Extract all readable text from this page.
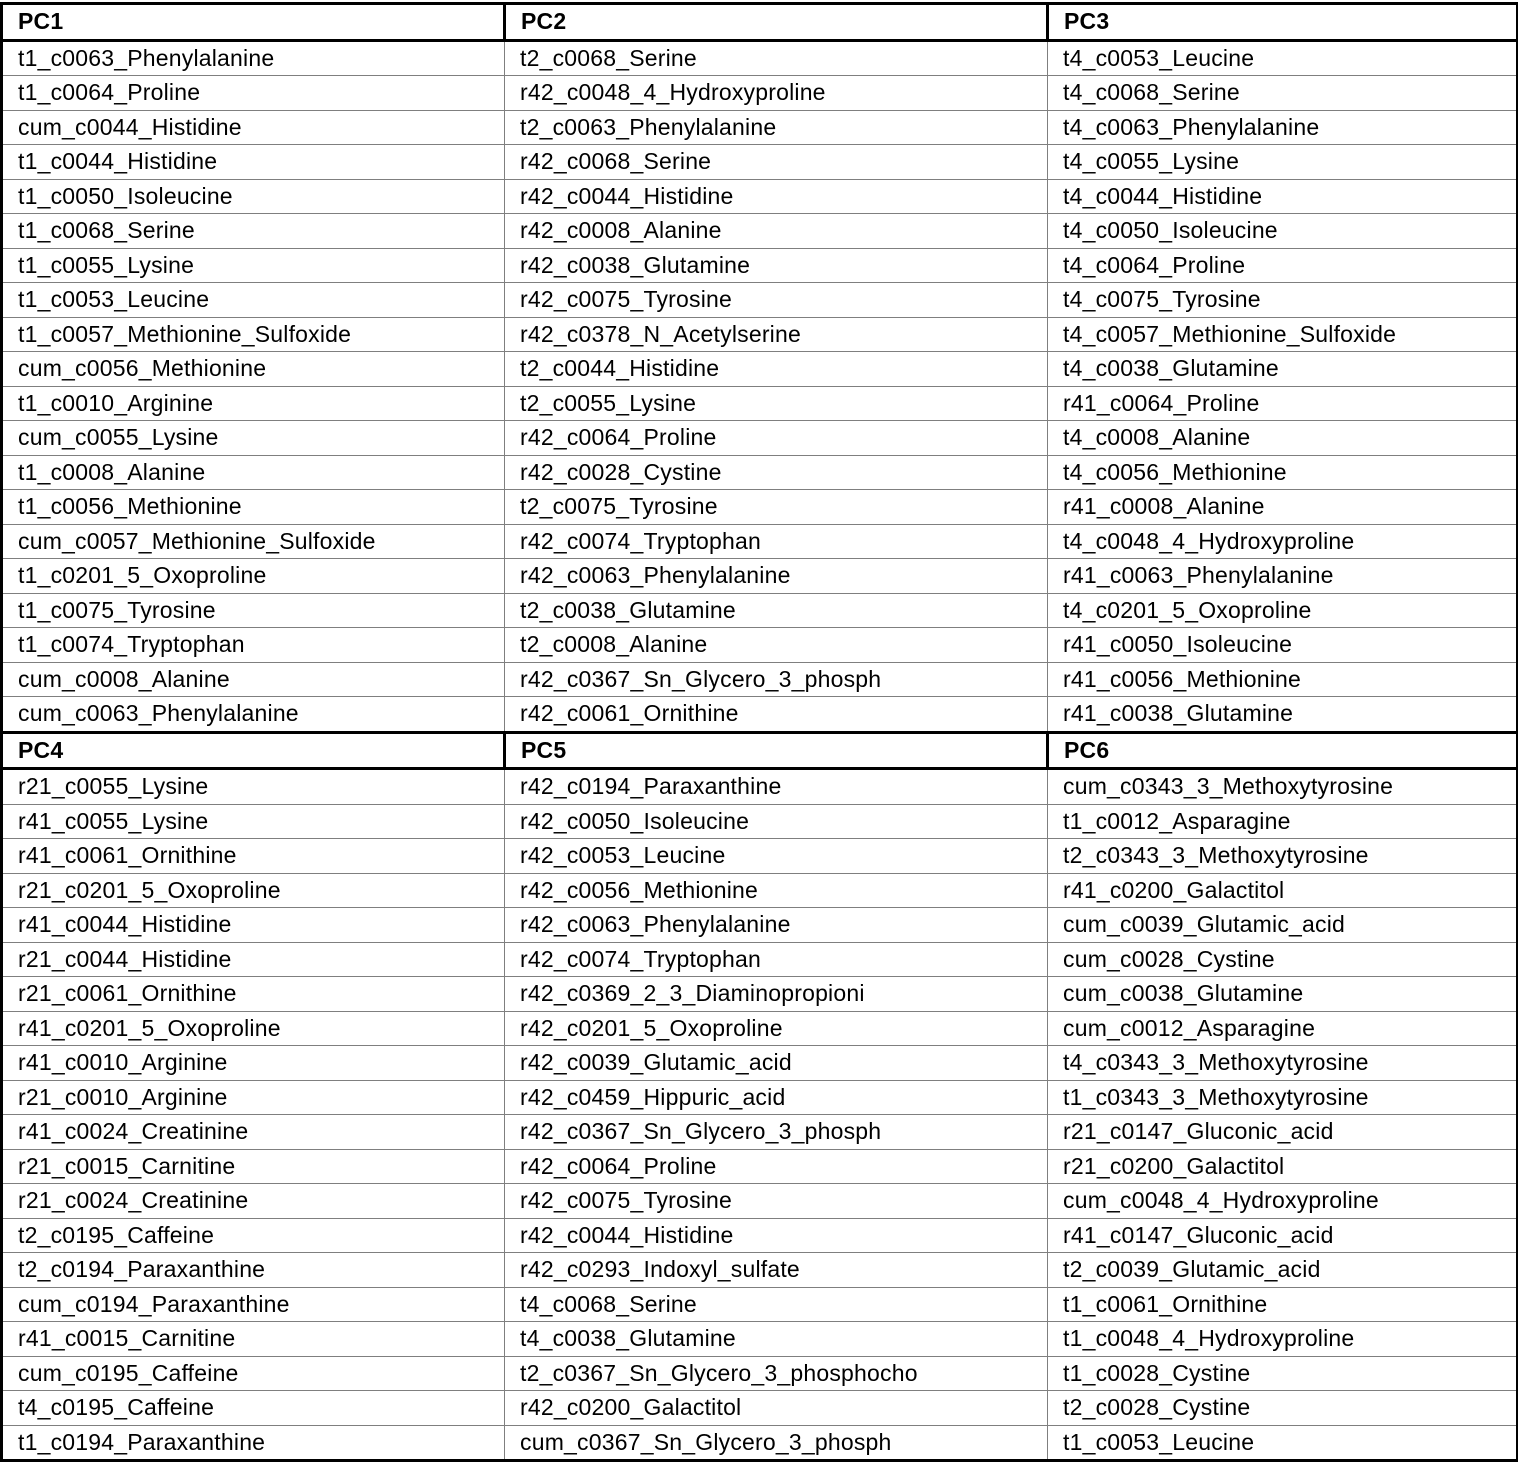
PC1	PC2	PC3
t1_c0063_Phenylalanine	t2_c0068_Serine	t4_c0053_Leucine
t1_c0064_Proline	r42_c0048_4_Hydroxyproline	t4_c0068_Serine
cum_c0044_Histidine	t2_c0063_Phenylalanine	t4_c0063_Phenylalanine
t1_c0044_Histidine	r42_c0068_Serine	t4_c0055_Lysine
t1_c0050_Isoleucine	r42_c0044_Histidine	t4_c0044_Histidine
t1_c0068_Serine	r42_c0008_Alanine	t4_c0050_Isoleucine
t1_c0055_Lysine	r42_c0038_Glutamine	t4_c0064_Proline
t1_c0053_Leucine	r42_c0075_Tyrosine	t4_c0075_Tyrosine
t1_c0057_Methionine_Sulfoxide	r42_c0378_N_Acetylserine	t4_c0057_Methionine_Sulfoxide
cum_c0056_Methionine	t2_c0044_Histidine	t4_c0038_Glutamine
t1_c0010_Arginine	t2_c0055_Lysine	r41_c0064_Proline
cum_c0055_Lysine	r42_c0064_Proline	t4_c0008_Alanine
t1_c0008_Alanine	r42_c0028_Cystine	t4_c0056_Methionine
t1_c0056_Methionine	t2_c0075_Tyrosine	r41_c0008_Alanine
cum_c0057_Methionine_Sulfoxide	r42_c0074_Tryptophan	t4_c0048_4_Hydroxyproline
t1_c0201_5_Oxoproline	r42_c0063_Phenylalanine	r41_c0063_Phenylalanine
t1_c0075_Tyrosine	t2_c0038_Glutamine	t4_c0201_5_Oxoproline
t1_c0074_Tryptophan	t2_c0008_Alanine	r41_c0050_Isoleucine
cum_c0008_Alanine	r42_c0367_Sn_Glycero_3_phosph	r41_c0056_Methionine
cum_c0063_Phenylalanine	r42_c0061_Ornithine	r41_c0038_Glutamine
PC4	PC5	PC6
r21_c0055_Lysine	r42_c0194_Paraxanthine	cum_c0343_3_Methoxytyrosine
r41_c0055_Lysine	r42_c0050_Isoleucine	t1_c0012_Asparagine
r41_c0061_Ornithine	r42_c0053_Leucine	t2_c0343_3_Methoxytyrosine
r21_c0201_5_Oxoproline	r42_c0056_Methionine	r41_c0200_Galactitol
r41_c0044_Histidine	r42_c0063_Phenylalanine	cum_c0039_Glutamic_acid
r21_c0044_Histidine	r42_c0074_Tryptophan	cum_c0028_Cystine
r21_c0061_Ornithine	r42_c0369_2_3_Diaminopropioni	cum_c0038_Glutamine
r41_c0201_5_Oxoproline	r42_c0201_5_Oxoproline	cum_c0012_Asparagine
r41_c0010_Arginine	r42_c0039_Glutamic_acid	t4_c0343_3_Methoxytyrosine
r21_c0010_Arginine	r42_c0459_Hippuric_acid	t1_c0343_3_Methoxytyrosine
r41_c0024_Creatinine	r42_c0367_Sn_Glycero_3_phosph	r21_c0147_Gluconic_acid
r21_c0015_Carnitine	r42_c0064_Proline	r21_c0200_Galactitol
r21_c0024_Creatinine	r42_c0075_Tyrosine	cum_c0048_4_Hydroxyproline
t2_c0195_Caffeine	r42_c0044_Histidine	r41_c0147_Gluconic_acid
t2_c0194_Paraxanthine	r42_c0293_Indoxyl_sulfate	t2_c0039_Glutamic_acid
cum_c0194_Paraxanthine	t4_c0068_Serine	t1_c0061_Ornithine
r41_c0015_Carnitine	t4_c0038_Glutamine	t1_c0048_4_Hydroxyproline
cum_c0195_Caffeine	t2_c0367_Sn_Glycero_3_phosphocho	t1_c0028_Cystine
t4_c0195_Caffeine	r42_c0200_Galactitol	t2_c0028_Cystine
t1_c0194_Paraxanthine	cum_c0367_Sn_Glycero_3_phosph	t1_c0053_Leucine
